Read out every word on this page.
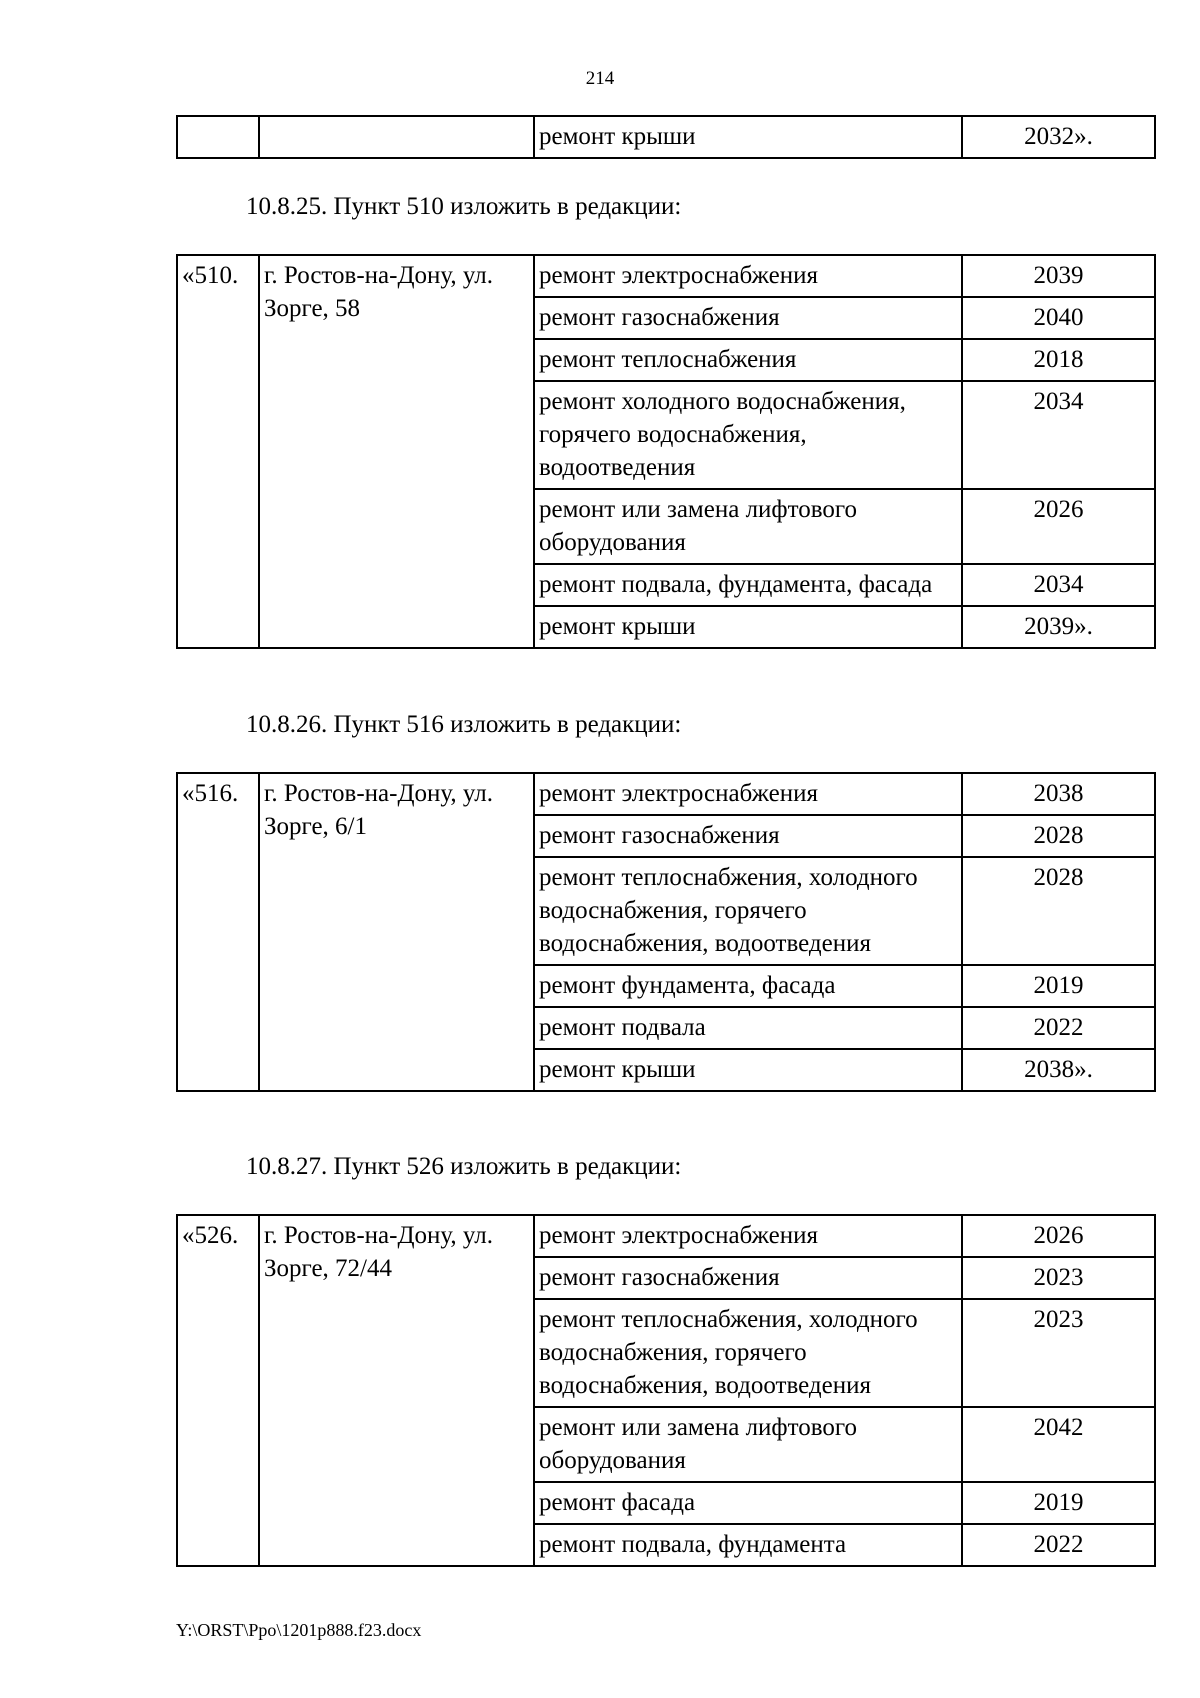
214
		ремонт крыши	2032».
10.8.25. Пункт 510 изложить в редакции:
«510.	г. Ростов-на-Дону, ул. Зорге, 58	ремонт электроснабжения	2039
		ремонт газоснабжения	2040
		ремонт теплоснабжения	2018
		ремонт холодного водоснабжения, горячего водоснабжения, водоотведения	2034
		ремонт или замена лифтового оборудования	2026
		ремонт подвала, фундамента, фасада	2034
		ремонт крыши	2039».
10.8.26. Пункт 516 изложить в редакции:
«516.	г. Ростов-на-Дону, ул. Зорге, 6/1	ремонт электроснабжения	2038
		ремонт газоснабжения	2028
		ремонт теплоснабжения, холодного водоснабжения, горячего водоснабжения, водоотведения	2028
		ремонт фундамента, фасада	2019
		ремонт подвала	2022
		ремонт крыши	2038».
10.8.27. Пункт 526 изложить в редакции:
«526.	г. Ростов-на-Дону, ул. Зорге, 72/44	ремонт электроснабжения	2026
		ремонт газоснабжения	2023
		ремонт теплоснабжения, холодного водоснабжения, горячего водоснабжения, водоотведения	2023
		ремонт или замена лифтового оборудования	2042
		ремонт фасада	2019
		ремонт подвала, фундамента	2022
Y:\ORST\Ppo\1201p888.f23.docx
